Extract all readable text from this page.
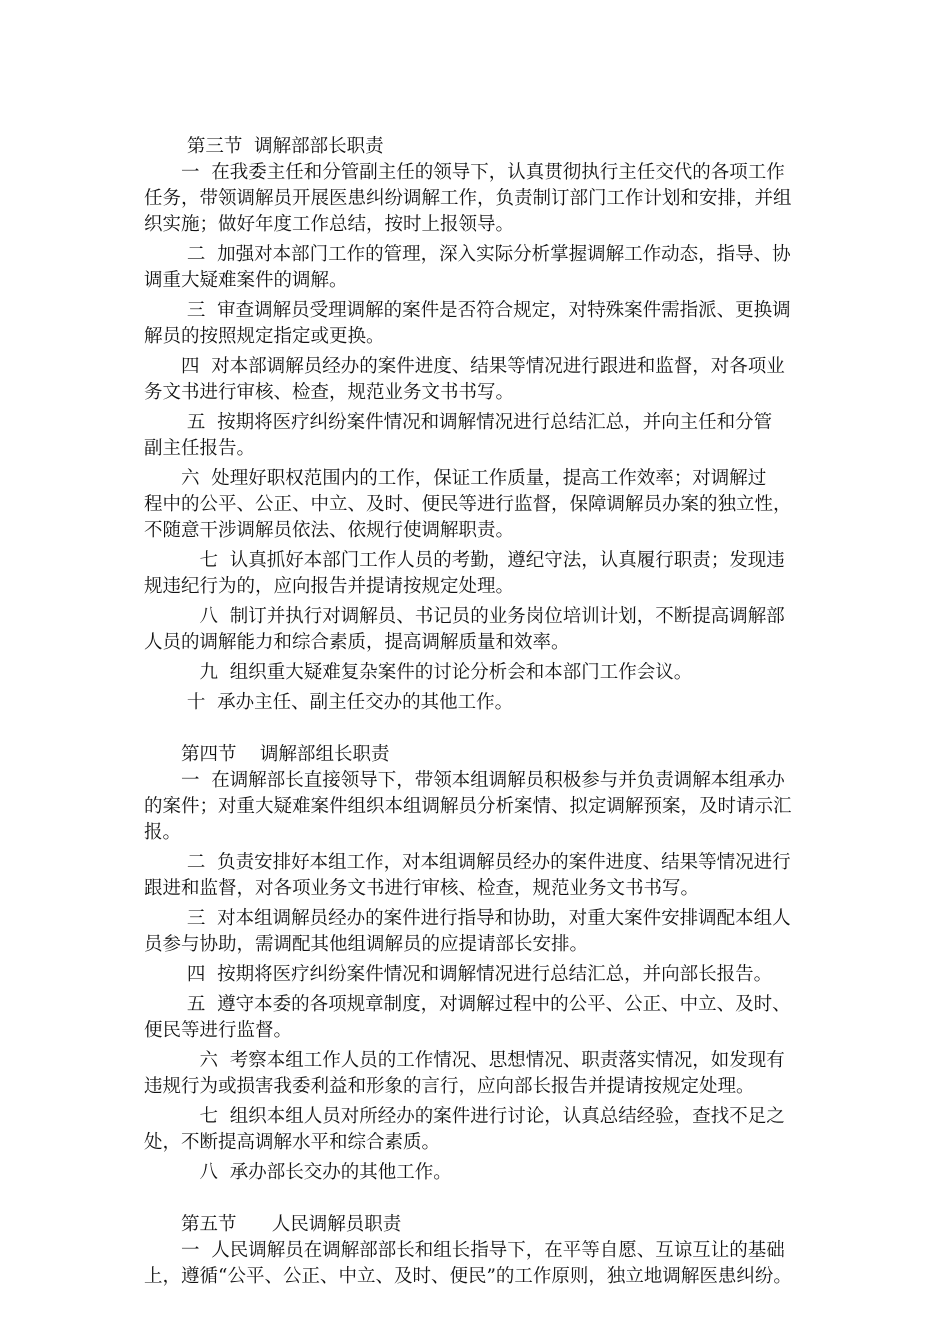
　　 第三节  调解部部长职责
　　一  在我委主任和分管副主任的领导下，认真贯彻执行主任交代的各项工作
任务，带领调解员开展医患纠纷调解工作，负责制订部门工作计划和安排，并组
织实施；做好年度工作总结，按时上报领导。
　　 二  加强对本部门工作的管理，深入实际分析掌握调解工作动态，指导、协
调重大疑难案件的调解。
　　 三  审查调解员受理调解的案件是否符合规定，对特殊案件需指派、更换调
解员的按照规定指定或更换。
　　四  对本部调解员经办的案件进度、结果等情况进行跟进和监督，对各项业
务文书进行审核、检查，规范业务文书书写。
　　 五  按期将医疗纠纷案件情况和调解情况进行总结汇总，并向主任和分管
副主任报告。
　　六  处理好职权范围内的工作，保证工作质量，提高工作效率；对调解过
程中的公平、公正、中立、及时、便民等进行监督，保障调解员办案的独立性，
不随意干涉调解员依法、依规行使调解职责。
　　　七  认真抓好本部门工作人员的考勤，遵纪守法，认真履行职责；发现违
规违纪行为的，应向报告并提请按规定处理。
　　　八  制订并执行对调解员、书记员的业务岗位培训计划，不断提高调解部
人员的调解能力和综合素质，提高调解质量和效率。
　　　九  组织重大疑难复杂案件的讨论分析会和本部门工作会议。
　　 十  承办主任、副主任交办的其他工作。
　　第四节    调解部组长职责
　　一  在调解部长直接领导下，带领本组调解员积极参与并负责调解本组承办
的案件；对重大疑难案件组织本组调解员分析案情、拟定调解预案，及时请示汇
报。
　　 二  负责安排好本组工作，对本组调解员经办的案件进度、结果等情况进行
跟进和监督，对各项业务文书进行审核、检查，规范业务文书书写。
　　 三  对本组调解员经办的案件进行指导和协助，对重大案件安排调配本组人
员参与协助，需调配其他组调解员的应提请部长安排。
　　 四  按期将医疗纠纷案件情况和调解情况进行总结汇总，并向部长报告。
　　 五  遵守本委的各项规章制度，对调解过程中的公平、公正、中立、及时、
便民等进行监督。
　　　六  考察本组工作人员的工作情况、思想情况、职责落实情况，如发现有
违规行为或损害我委利益和形象的言行，应向部长报告并提请按规定处理。
　　　七  组织本组人员对所经办的案件进行讨论，认真总结经验，查找不足之
处，不断提高调解水平和综合素质。
　　　八  承办部长交办的其他工作。
　　第五节      人民调解员职责
　　一  人民调解员在调解部部长和组长指导下，在平等自愿、互谅互让的基础
上，遵循“公平、公正、中立、及时、便民”的工作原则，独立地调解医患纠纷。
